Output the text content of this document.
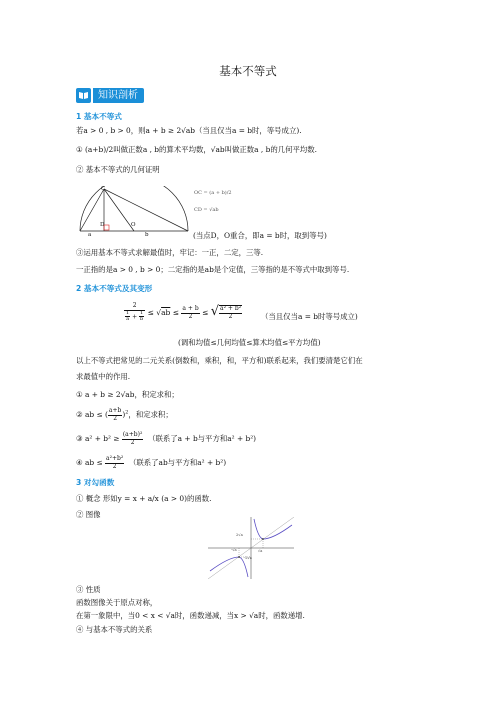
基本不等式
知识剖析
1 基本不等式
若a > 0 , b > 0，则a + b ≥ 2√ab（当且仅当a = b时，等号成立).
① (a+b)/2叫做正数a , b的算术平均数，√ab叫做正数a , b的几何平均数.
② 基本不等式的几何证明
C
D	O
a	b
OC = (a + b)/2
CD = √ab
(当点D，O重合，即a = b时，取到等号)
③运用基本不等式求解最值时，牢记：一正，二定，三等.
一正指的是a > 0 , b > 0；二定指的是ab是个定值，三等指的是不等式中取到等号.
2 基本不等式及其变形
$\frac{2}{\frac{1}{a} + \frac{1}{b}} \le √ab \le \frac{a + b}{2}$ ≤ √ $\frac{\text{a² + b²}}{2}$	（当且仅当a = b时等号成立)
(调和均值≤几何均值≤算术均值≤平方均值)
以上不等式把常见的二元关系(倒数和，乘积，和，平方和)联系起来，我们要清楚它们在
求最值中的作用.
① a + b ≥ 2√ab，积定求和；
② ab ≤ ( $\frac{a+b}{2} )^2$，和定求积；
③ $a^2 + b^2 \ge \frac{\text{(a+b)²}}{2}$ （联系了a + b与平方和a² + b²)
④ ab ≤ $\frac{\text{a²+b²}}{2}$ （联系了ab与平方和a² + b²)
3 对勾函数
① 概念 形如y = x + a/x (a > 0)的函数.
② 图像
2√a
-√a	√a
-2√a
③ 性质
函数图像关于原点对称，
在第一象限中，当0 < x < √a时，函数递减，当x > √a时，函数递增.
④ 与基本不等式的关系
